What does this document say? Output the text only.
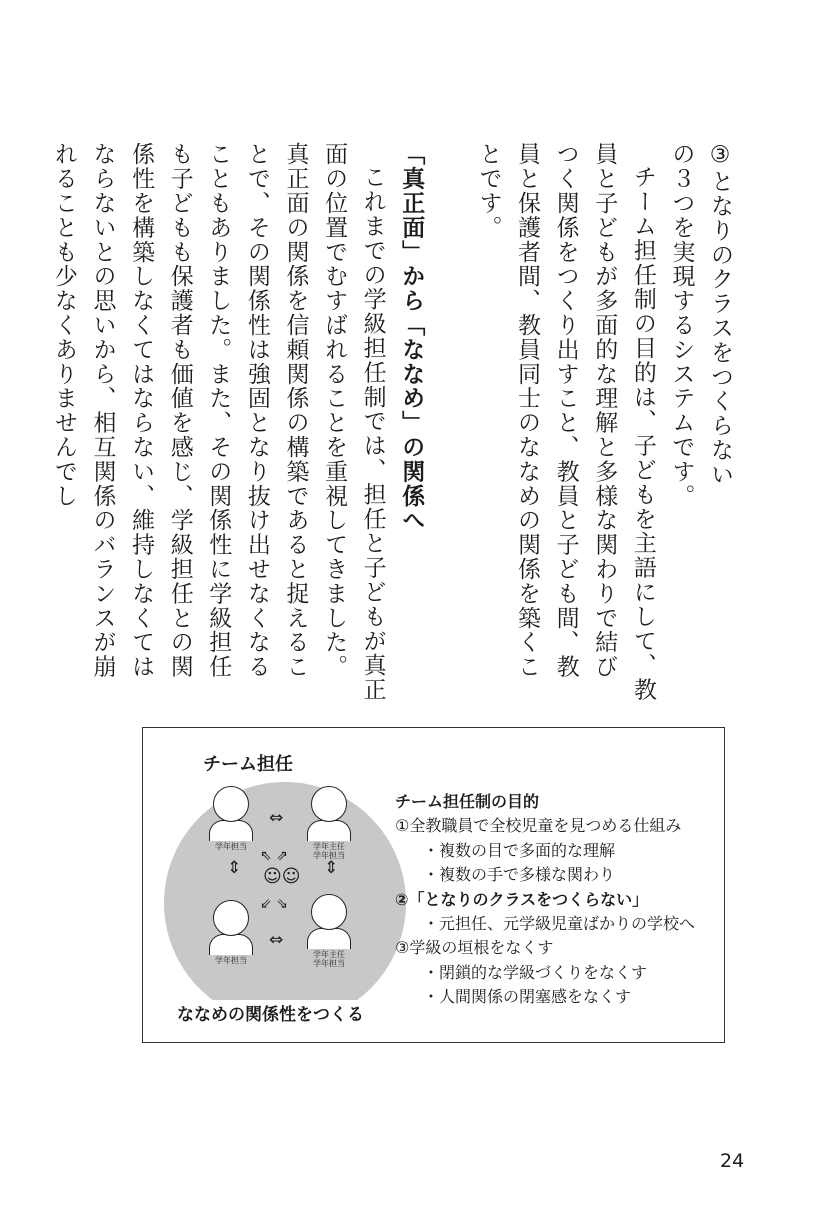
③となりのクラスをつくらない

の３つを実現するシステムです。

チーム担任制の目的は、子どもを主語にして、教員と子どもが多面的な理解と多様な関わりで結びつく関係をつくり出すこと、教員と子ども間、教員と保護者間、教員同士のななめの関係を築くことです。

「真正面」から「ななめ」の関係へ

これまでの学級担任制では、担任と子どもが真正面の位置でむすばれることを重視してきました。真正面の関係を信頼関係の構築であると捉えることで、その関係性は強固となり抜け出せなくなることもありました。また、その関係性に学級担任も子どもも保護者も価値を感じ、学級担任との関係性を構築しなくてはならない、維持しなくてはならないとの思いから、相互関係のバランスが崩れることも少なくありませんでし

チーム担任
学年担当	学年主任
学年担当
学年担当
学年主任
学年担当
⇔
⇔
⇕	⇕
⇖ ⇗
⇙ ⇘
☺☺
ななめの関係性をつくる
チーム担任制の目的
①全教職員で全校児童を見つめる仕組み
・複数の目で多面的な理解
・複数の手で多様な関わり
②「となりのクラスをつくらない」
・元担任、元学級児童ばかりの学校へ
③学級の垣根をなくす
・閉鎖的な学級づくりをなくす
・人間関係の閉塞感をなくす
24
